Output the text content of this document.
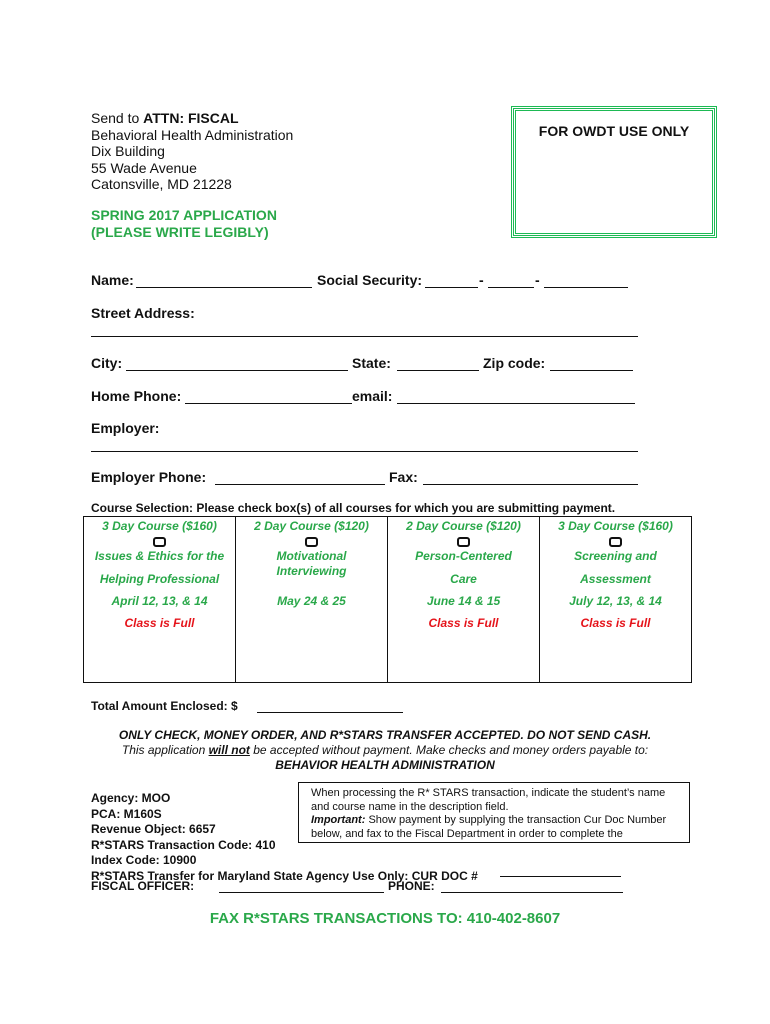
Send to ATTN: FISCAL
Behavioral Health Administration
Dix Building
55 Wade Avenue
Catonsville, MD 21228
FOR OWDT USE ONLY
SPRING 2017 APPLICATION
(PLEASE WRITE LEGIBLY)
Name:	Social Security:	-	-
Street Address:
City:	State:	Zip code:
Home Phone:	email:
Employer:
Employer Phone:	Fax:
Course Selection: Please check box(s) of all courses for which you are submitting payment.
3 Day Course ($160)
Issues & Ethics for the
Helping Professional
April 12, 13, & 14
Class is Full

2 Day Course ($120)
Motivational Interviewing
May 24 & 25

2 Day Course ($120)
Person-Centered
Care
June 14 & 15
Class is Full

3 Day Course ($160)
Screening and
Assessment
July 12, 13, & 14
Class is Full
Total Amount Enclosed: $
ONLY CHECK, MONEY ORDER, AND R*STARS TRANSFER ACCEPTED. DO NOT SEND CASH.
This application will not be accepted without payment. Make checks and money orders payable to:
BEHAVIOR HEALTH ADMINISTRATION
When processing the R* STARS transaction, indicate the student’s name
and course name in the description field.
Important: Show payment by supplying the transaction Cur Doc Number
below, and fax to the Fiscal Department in order to complete the
Agency: MOO
PCA: M160S
Revenue Object: 6657
R*STARS Transaction Code: 410
Index Code: 10900
R*STARS Transfer for Maryland State Agency Use Only: CUR DOC #
FISCAL OFFICER:	PHONE:
FAX R*STARS TRANSACTIONS TO: 410-402-8607
